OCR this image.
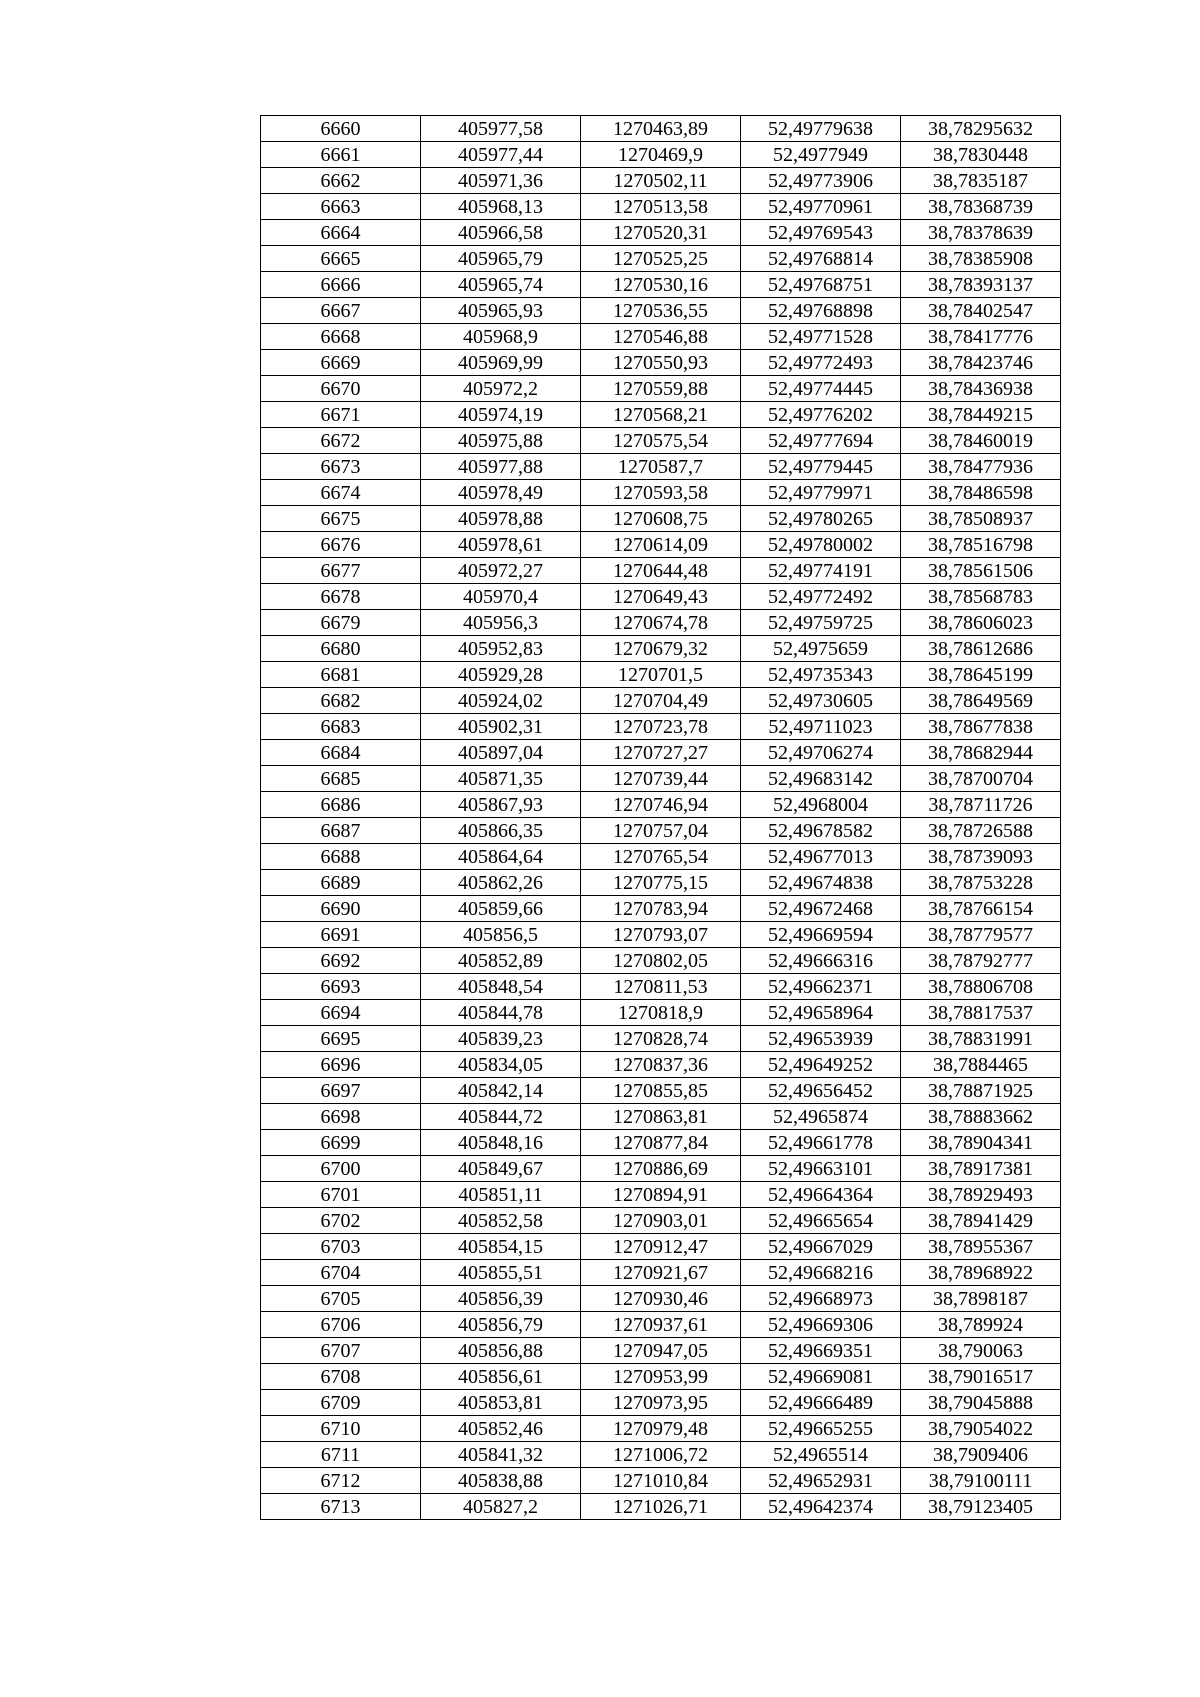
6660	405977,58	1270463,89	52,49779638	38,78295632
6661	405977,44	1270469,9	52,4977949	38,7830448
6662	405971,36	1270502,11	52,49773906	38,7835187
6663	405968,13	1270513,58	52,49770961	38,78368739
6664	405966,58	1270520,31	52,49769543	38,78378639
6665	405965,79	1270525,25	52,49768814	38,78385908
6666	405965,74	1270530,16	52,49768751	38,78393137
6667	405965,93	1270536,55	52,49768898	38,78402547
6668	405968,9	1270546,88	52,49771528	38,78417776
6669	405969,99	1270550,93	52,49772493	38,78423746
6670	405972,2	1270559,88	52,49774445	38,78436938
6671	405974,19	1270568,21	52,49776202	38,78449215
6672	405975,88	1270575,54	52,49777694	38,78460019
6673	405977,88	1270587,7	52,49779445	38,78477936
6674	405978,49	1270593,58	52,49779971	38,78486598
6675	405978,88	1270608,75	52,49780265	38,78508937
6676	405978,61	1270614,09	52,49780002	38,78516798
6677	405972,27	1270644,48	52,49774191	38,78561506
6678	405970,4	1270649,43	52,49772492	38,78568783
6679	405956,3	1270674,78	52,49759725	38,78606023
6680	405952,83	1270679,32	52,4975659	38,78612686
6681	405929,28	1270701,5	52,49735343	38,78645199
6682	405924,02	1270704,49	52,49730605	38,78649569
6683	405902,31	1270723,78	52,49711023	38,78677838
6684	405897,04	1270727,27	52,49706274	38,78682944
6685	405871,35	1270739,44	52,49683142	38,78700704
6686	405867,93	1270746,94	52,4968004	38,78711726
6687	405866,35	1270757,04	52,49678582	38,78726588
6688	405864,64	1270765,54	52,49677013	38,78739093
6689	405862,26	1270775,15	52,49674838	38,78753228
6690	405859,66	1270783,94	52,49672468	38,78766154
6691	405856,5	1270793,07	52,49669594	38,78779577
6692	405852,89	1270802,05	52,49666316	38,78792777
6693	405848,54	1270811,53	52,49662371	38,78806708
6694	405844,78	1270818,9	52,49658964	38,78817537
6695	405839,23	1270828,74	52,49653939	38,78831991
6696	405834,05	1270837,36	52,49649252	38,7884465
6697	405842,14	1270855,85	52,49656452	38,78871925
6698	405844,72	1270863,81	52,4965874	38,78883662
6699	405848,16	1270877,84	52,49661778	38,78904341
6700	405849,67	1270886,69	52,49663101	38,78917381
6701	405851,11	1270894,91	52,49664364	38,78929493
6702	405852,58	1270903,01	52,49665654	38,78941429
6703	405854,15	1270912,47	52,49667029	38,78955367
6704	405855,51	1270921,67	52,49668216	38,78968922
6705	405856,39	1270930,46	52,49668973	38,7898187
6706	405856,79	1270937,61	52,49669306	38,789924
6707	405856,88	1270947,05	52,49669351	38,790063
6708	405856,61	1270953,99	52,49669081	38,79016517
6709	405853,81	1270973,95	52,49666489	38,79045888
6710	405852,46	1270979,48	52,49665255	38,79054022
6711	405841,32	1271006,72	52,4965514	38,7909406
6712	405838,88	1271010,84	52,49652931	38,79100111
6713	405827,2	1271026,71	52,49642374	38,79123405
